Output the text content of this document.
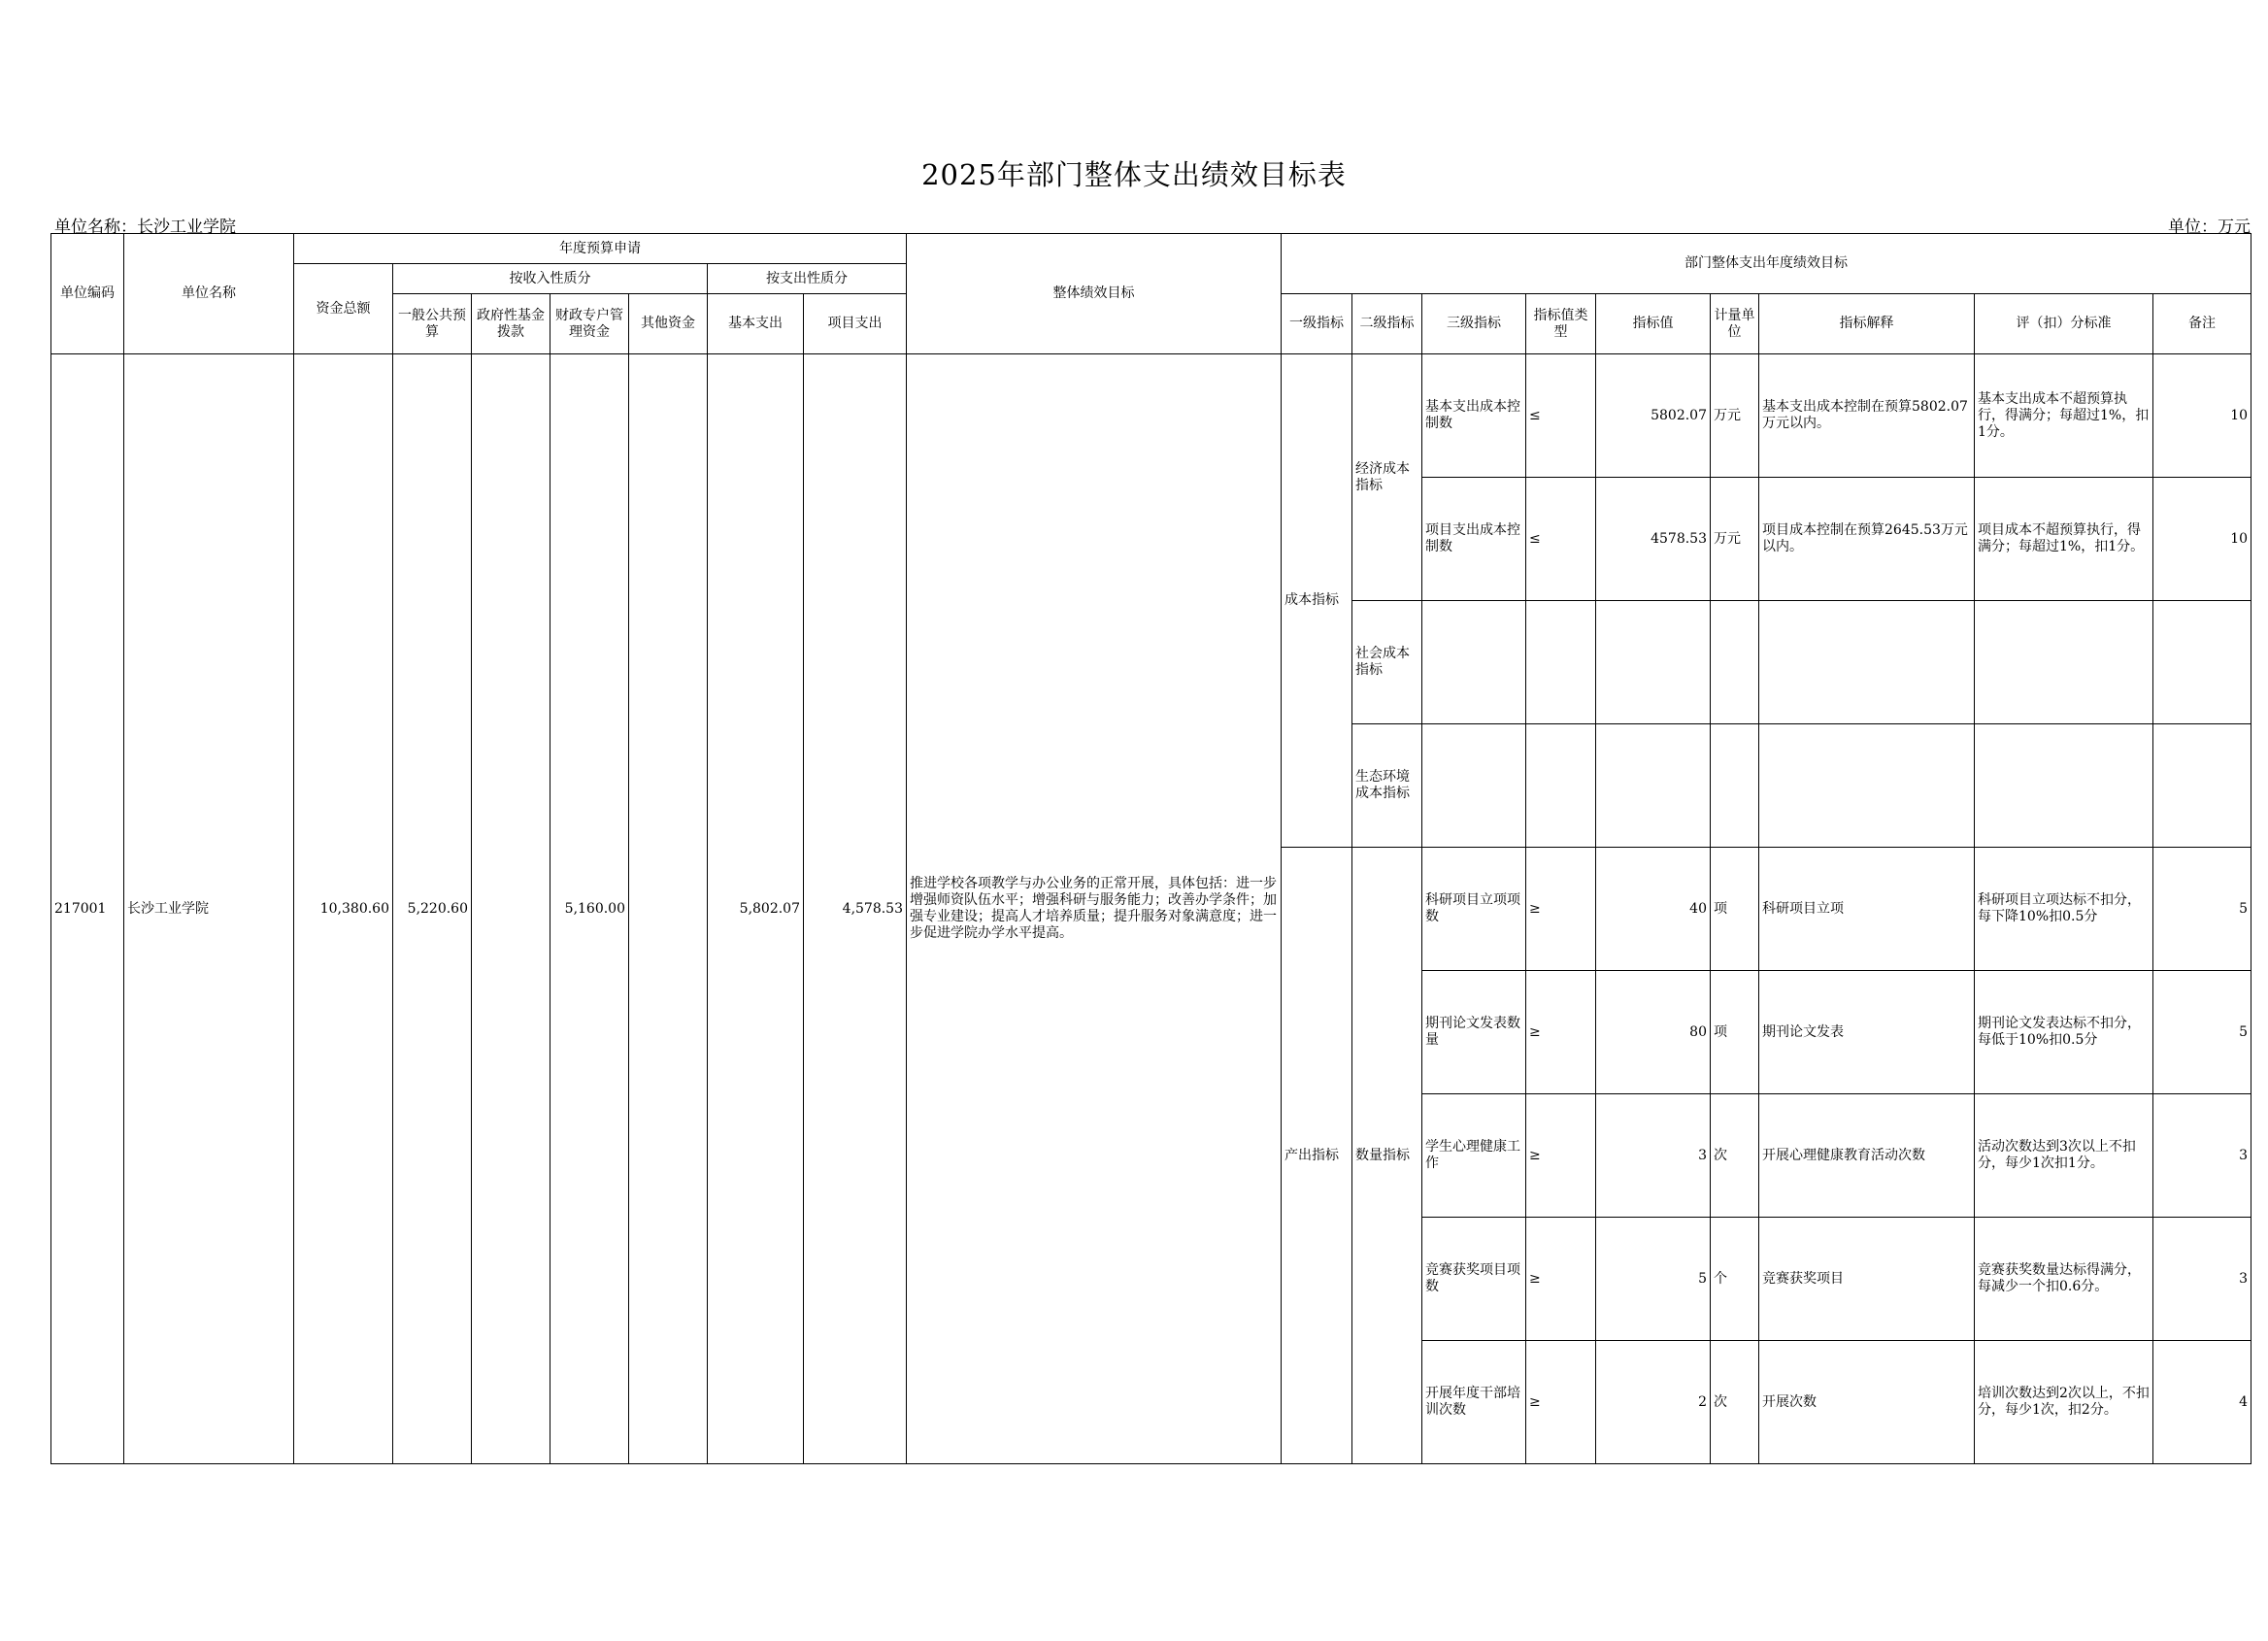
2025年部门整体支出绩效目标表
单位名称：长沙工业学院	单位：万元
单位编码	单位名称	年度预算申请							整体绩效目标	部门整体支出年度绩效目标								
		资金总额	按收入性质分				按支出性质分											
			一般公共预算	政府性基金拨款	财政专户管理资金	其他资金	基本支出	项目支出		一级指标	二级指标	三级指标	指标值类型	指标值	计量单位	指标解释	评（扣）分标准	备注
217001	长沙工业学院	10,380.60	5,220.60		5,160.00		5,802.07	4,578.53	推进学校各项教学与办公业务的正常开展，具体包括：进一步增强师资队伍水平；增强科研与服务能力；改善办学条件；加强专业建设；提高人才培养质量；提升服务对象满意度；进一步促进学院办学水平提高。	成本指标	经济成本指标	基本支出成本控制数	≤	5802.07	万元	基本支出成本控制在预算5802.07万元以内。	基本支出成本不超预算执行，得满分；每超过1%，扣1分。	10
												项目支出成本控制数	≤	4578.53	万元	项目成本控制在预算2645.53万元以内。	项目成本不超预算执行，得满分；每超过1%，扣1分。	10
											社会成本指标							
											生态环境成本指标							
										产出指标	数量指标	科研项目立项项数	≥	40	项	科研项目立项	科研项目立项达标不扣分，每下降10%扣0.5分	5
												期刊论文发表数量	≥	80	项	期刊论文发表	期刊论文发表达标不扣分，每低于10%扣0.5分	5
												学生心理健康工作	≥	3	次	开展心理健康教育活动次数	活动次数达到3次以上不扣分，每少1次扣1分。	3
												竞赛获奖项目项数	≥	5	个	竞赛获奖项目	竞赛获奖数量达标得满分，每减少一个扣0.6分。	3
												开展年度干部培训次数	≥	2	次	开展次数	培训次数达到2次以上，不扣分，每少1次，扣2分。	4
